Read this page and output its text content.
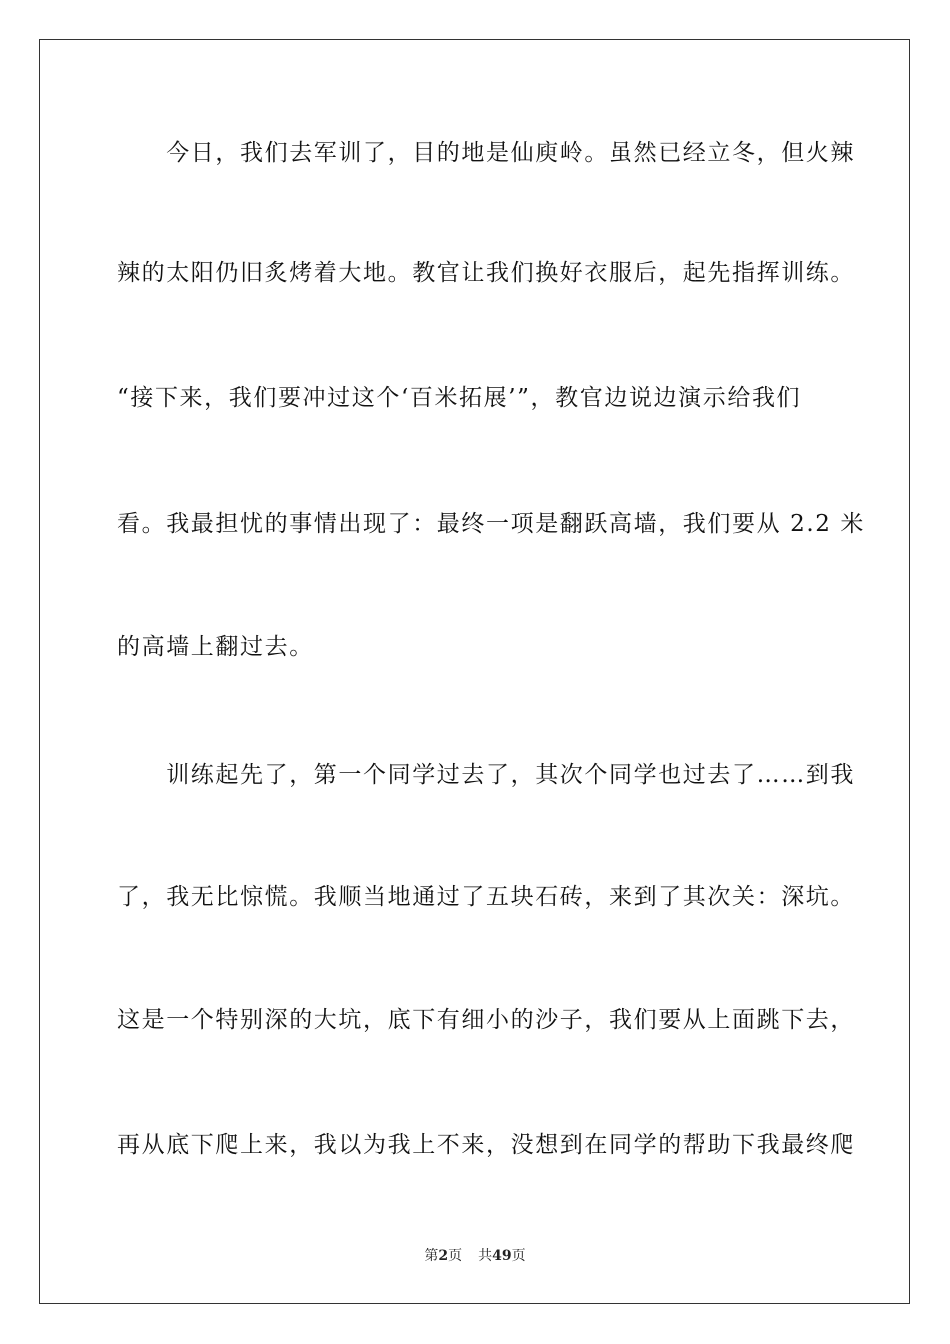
　　今日，我们去军训了，目的地是仙庾岭。虽然已经立冬，但火辣
辣的太阳仍旧炙烤着大地。教官让我们换好衣服后，起先指挥训练。
“接下来，我们要冲过这个‘百米拓展’”，教官边说边演示给我们
看。我最担忧的事情出现了：最终一项是翻跃高墙，我们要从 2.2 米
的高墙上翻过去。
　　训练起先了，第一个同学过去了，其次个同学也过去了……到我
了，我无比惊慌。我顺当地通过了五块石砖，来到了其次关：深坑。
这是一个特别深的大坑，底下有细小的沙子，我们要从上面跳下去，
再从底下爬上来，我以为我上不来，没想到在同学的帮助下我最终爬
第2页 共49页
